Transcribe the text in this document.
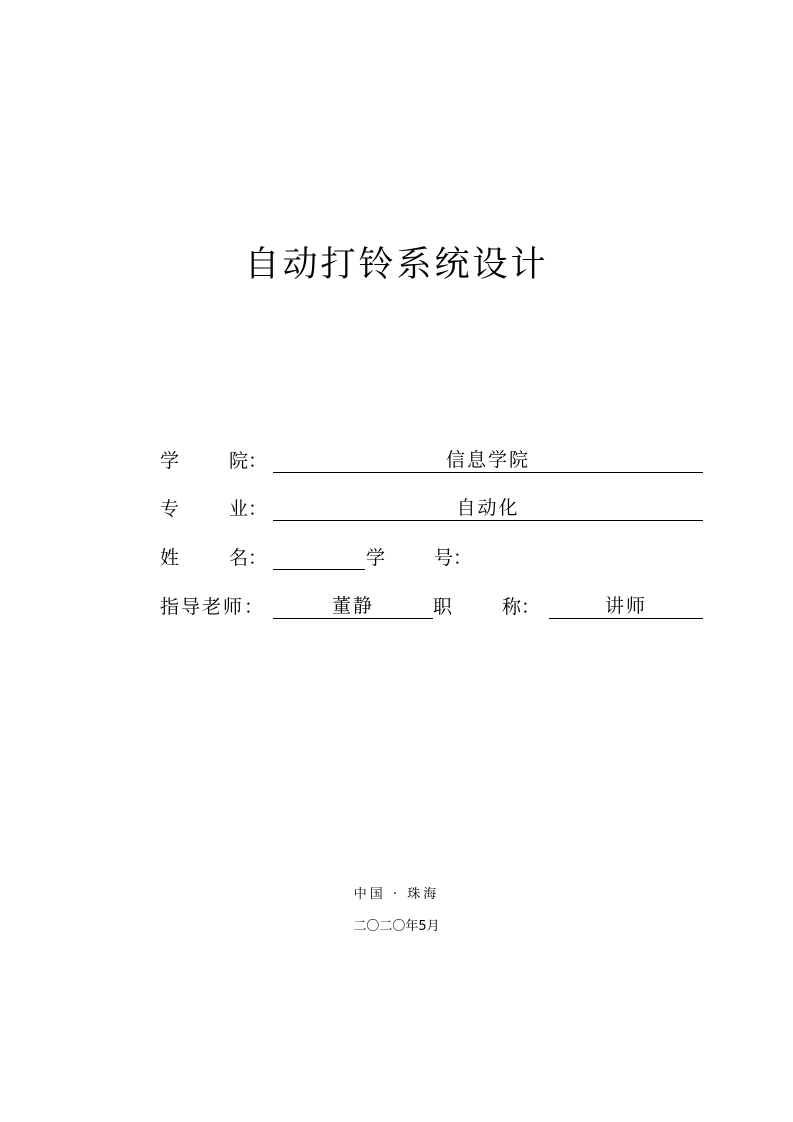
自动打铃系统设计
学	院：	信息学院
专	业：	自动化
姓	名：	学	号：
指导老师：	董静	职	称：	讲师
中国 · 珠海
二〇二〇年5月
